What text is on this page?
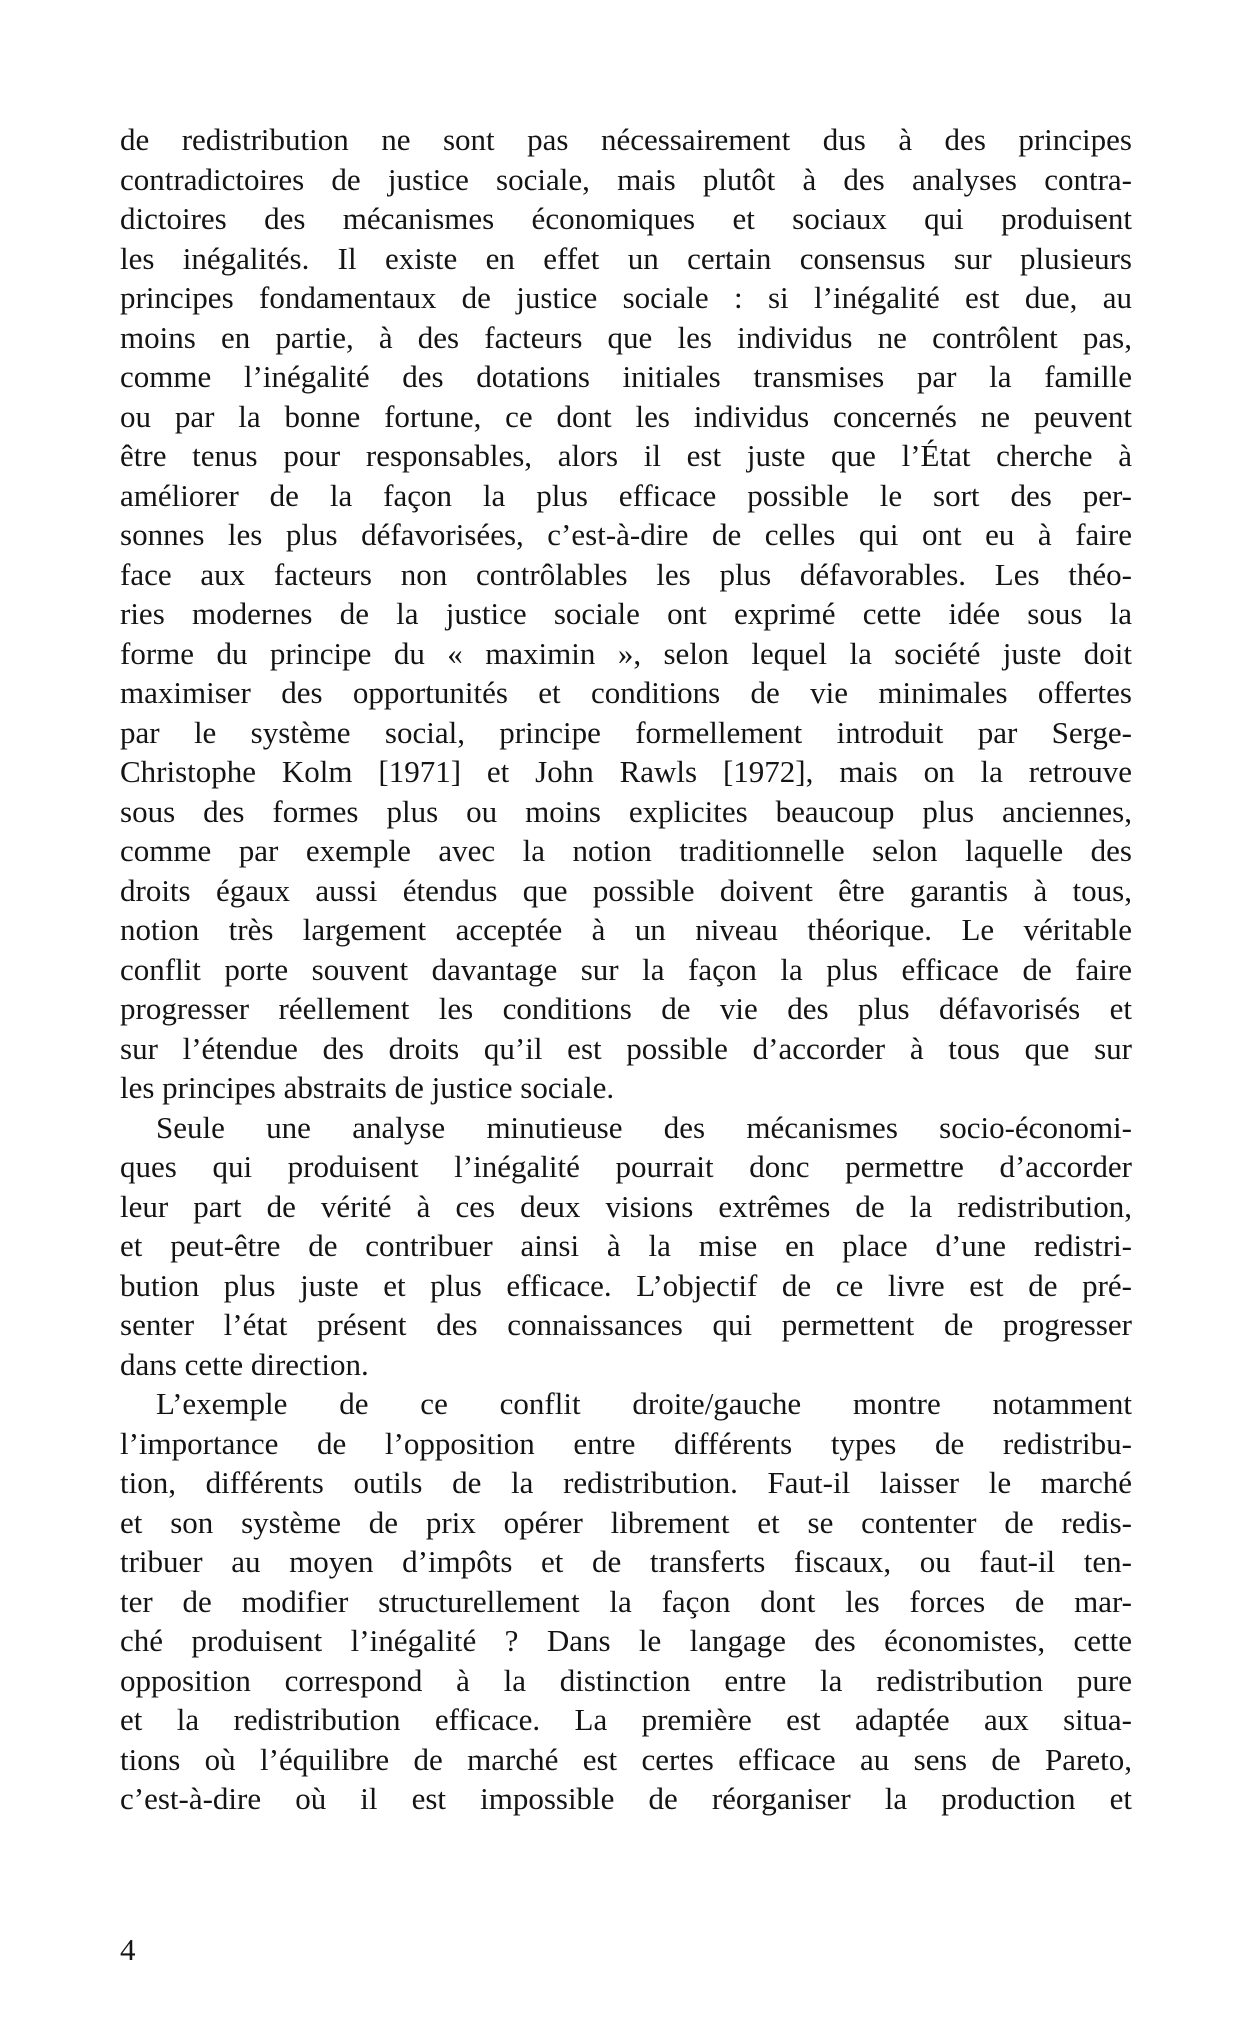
de redistribution ne sont pas nécessairement dus à des principes
contradictoires de justice sociale, mais plutôt à des analyses contra-
dictoires des mécanismes économiques et sociaux qui produisent
les inégalités. Il existe en effet un certain consensus sur plusieurs
principes fondamentaux de justice sociale : si l’inégalité est due, au
moins en partie, à des facteurs que les individus ne contrôlent pas,
comme l’inégalité des dotations initiales transmises par la famille
ou par la bonne fortune, ce dont les individus concernés ne peuvent
être tenus pour responsables, alors il est juste que l’État cherche à
améliorer de la façon la plus efficace possible le sort des per-
sonnes les plus défavorisées, c’est-à-dire de celles qui ont eu à faire
face aux facteurs non contrôlables les plus défavorables. Les théo-
ries modernes de la justice sociale ont exprimé cette idée sous la
forme du principe du « maximin », selon lequel la société juste doit
maximiser des opportunités et conditions de vie minimales offertes
par le système social, principe formellement introduit par Serge-
Christophe Kolm [1971] et John Rawls [1972], mais on la retrouve
sous des formes plus ou moins explicites beaucoup plus anciennes,
comme par exemple avec la notion traditionnelle selon laquelle des
droits égaux aussi étendus que possible doivent être garantis à tous,
notion très largement acceptée à un niveau théorique. Le véritable
conflit porte souvent davantage sur la façon la plus efficace de faire
progresser réellement les conditions de vie des plus défavorisés et
sur l’étendue des droits qu’il est possible d’accorder à tous que sur
les principes abstraits de justice sociale.
Seule une analyse minutieuse des mécanismes socio-économi-
ques qui produisent l’inégalité pourrait donc permettre d’accorder
leur part de vérité à ces deux visions extrêmes de la redistribution,
et peut-être de contribuer ainsi à la mise en place d’une redistri-
bution plus juste et plus efficace. L’objectif de ce livre est de pré-
senter l’état présent des connaissances qui permettent de progresser
dans cette direction.
L’exemple de ce conflit droite/gauche montre notamment
l’importance de l’opposition entre différents types de redistribu-
tion, différents outils de la redistribution. Faut-il laisser le marché
et son système de prix opérer librement et se contenter de redis-
tribuer au moyen d’impôts et de transferts fiscaux, ou faut-il ten-
ter de modifier structurellement la façon dont les forces de mar-
ché produisent l’inégalité ? Dans le langage des économistes, cette
opposition correspond à la distinction entre la redistribution pure
et la redistribution efficace. La première est adaptée aux situa-
tions où l’équilibre de marché est certes efficace au sens de Pareto,
c’est-à-dire où il est impossible de réorganiser la production et
4
